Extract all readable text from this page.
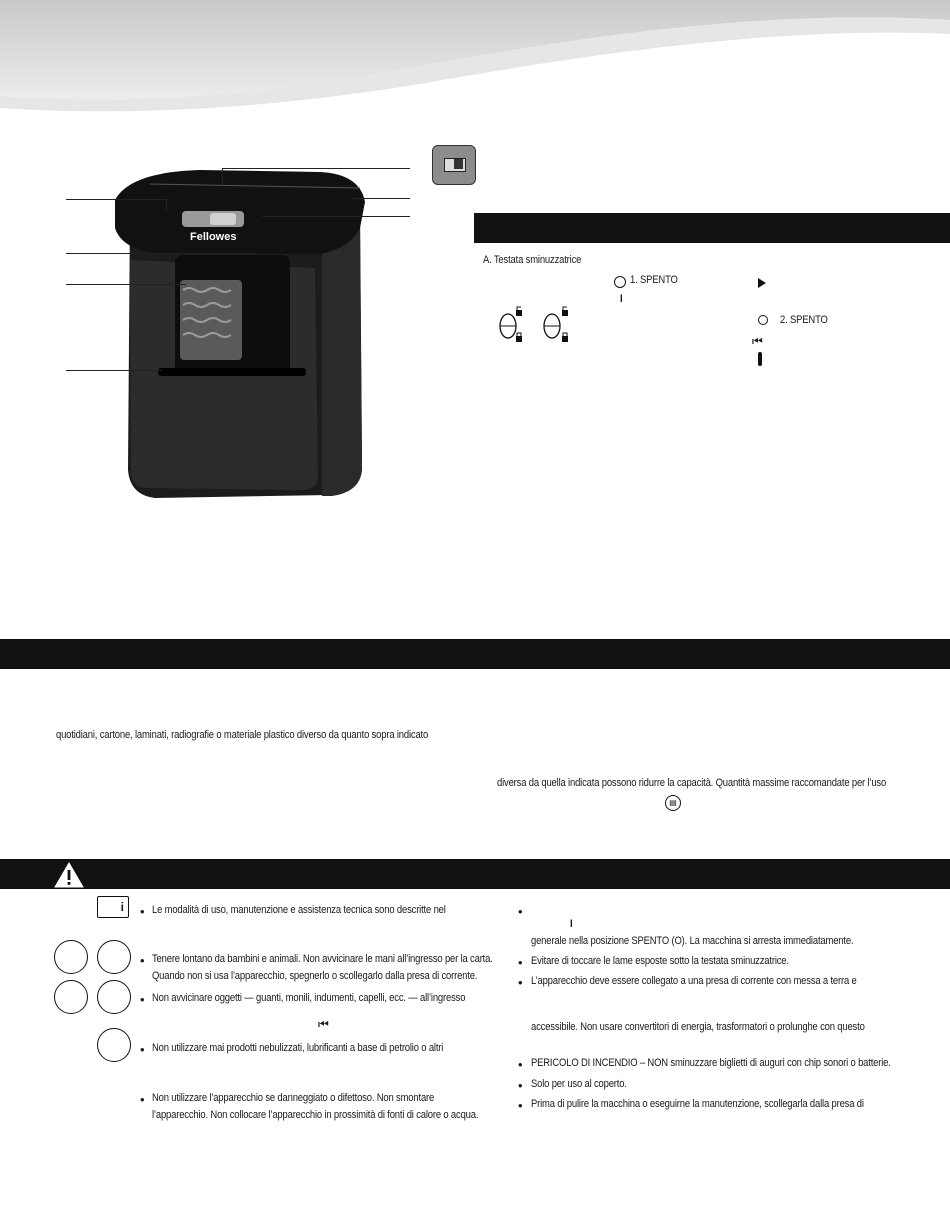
Fellowes
A. Testata sminuzzatrice
1. SPENTO
I
2. SPENTO
⏮
quotidiani, cartone, laminati, radiografie o materiale plastico diverso da quanto sopra indicato
diversa da quella indicata possono ridurre la capacità. Quantità massime raccomandate per l’uso
▤
i
⏮
• Le modalità di uso, manutenzione e assistenza tecnica sono descritte nel
• Tenere lontano da bambini e animali. Non avvicinare le mani all’ingresso per la carta.
Quando non si usa l’apparecchio, spegnerlo o scollegarlo dalla presa di corrente.
• Non avvicinare oggetti — guanti, monili, indumenti, capelli, ecc. — all’ingresso
• Non utilizzare mai prodotti nebulizzati, lubrificanti a base di petrolio o altri
• Non utilizzare l’apparecchio se danneggiato o difettoso. Non smontare
l’apparecchio. Non collocare l’apparecchio in prossimità di fonti di calore o acqua.
•
I
generale nella posizione SPENTO (O). La macchina si arresta immediatamente.
• Evitare di toccare le lame esposte sotto la testata sminuzzatrice.
• L’apparecchio deve essere collegato a una presa di corrente con messa a terra e
accessibile. Non usare convertitori di energia, trasformatori o prolunghe con questo
• PERICOLO DI INCENDIO – NON sminuzzare biglietti di auguri con chip sonori o batterie.
• Solo per uso al coperto.
• Prima di pulire la macchina o eseguirne la manutenzione, scollegarla dalla presa di
